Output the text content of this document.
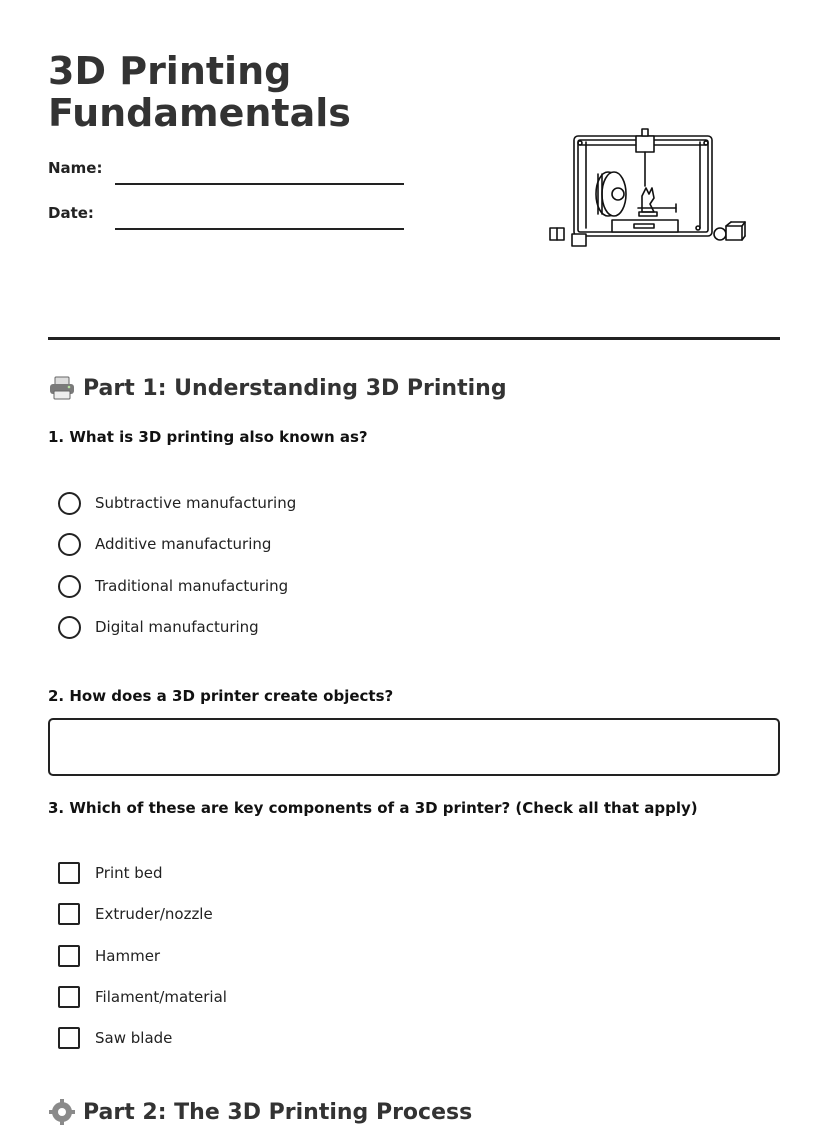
3D Printing Fundamentals
Name:
Date:
Part 1: Understanding 3D Printing

1. What is 3D printing also known as?

Subtractive manufacturing
Additive manufacturing
Traditional manufacturing
Digital manufacturing

2. How does a 3D printer create objects?

3. Which of these are key components of a 3D printer? (Check all that apply)

Print bed
Extruder/nozzle
Hammer
Filament/material
Saw blade
Part 2: The 3D Printing Process
